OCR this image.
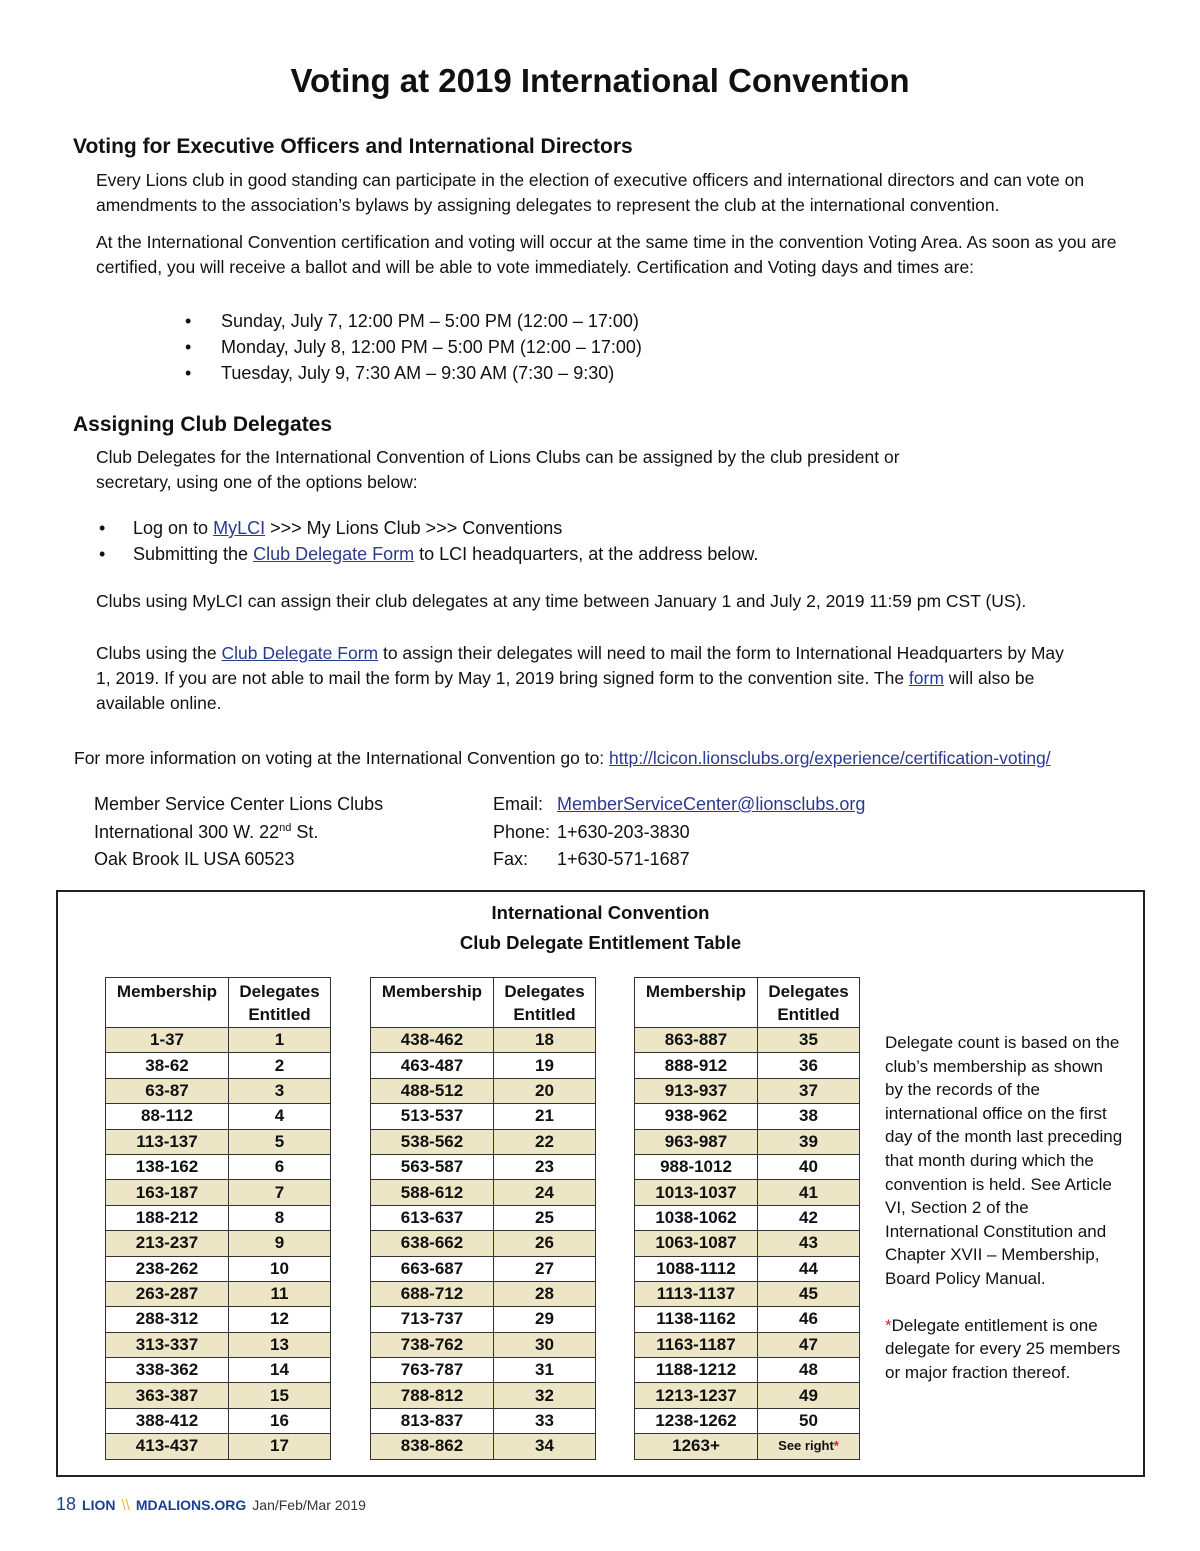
Voting at 2019 International Convention
Voting for Executive Officers and International Directors

Every Lions club in good standing can participate in the election of executive officers and international directors and can vote on amendments to the association’s bylaws by assigning delegates to represent the club at the international convention.

At the International Convention certification and voting will occur at the same time in the convention Voting Area. As soon as you are certified, you will receive a ballot and will be able to vote immediately. Certification and Voting days and times are:

• Sunday, July 7, 12:00 PM – 5:00 PM (12:00 – 17:00)
• Monday, July 8, 12:00 PM – 5:00 PM (12:00 – 17:00)
• Tuesday, July 9, 7:30 AM – 9:30 AM (7:30 – 9:30)
Assigning Club Delegates

Club Delegates for the International Convention of Lions Clubs can be assigned by the club president or secretary, using one of the options below:

• Log on to MyLCI >>> My Lions Club >>> Conventions
• Submitting the Club Delegate Form to LCI headquarters, at the address below.

Clubs using MyLCI can assign their club delegates at any time between January 1 and July 2, 2019 11:59 pm CST (US).

Clubs using the Club Delegate Form to assign their delegates will need to mail the form to International Headquarters by May 1, 2019. If you are not able to mail the form by May 1, 2019 bring signed form to the convention site. The form will also be available online.

For more information on voting at the International Convention go to: http://lcicon.lionsclubs.org/experience/certification-voting/

Member Service Center Lions Clubs
International 300 W. 22nd St.
Oak Brook IL USA 60523
Email: MemberServiceCenter@lionsclubs.org
Phone: 1+630-203-3830
Fax:	1+630-571-1687
International Convention
Club Delegate Entitlement Table
Membership	Delegates
Entitled
1-37	1
38-62	2
63-87	3
88-112	4
113-137	5
138-162	6
163-187	7
188-212	8
213-237	9
238-262	10
263-287	11
288-312	12
313-337	13
338-362	14
363-387	15
388-412	16
413-437	17
Membership	Delegates
Entitled
438-462	18
463-487	19
488-512	20
513-537	21
538-562	22
563-587	23
588-612	24
613-637	25
638-662	26
663-687	27
688-712	28
713-737	29
738-762	30
763-787	31
788-812	32
813-837	33
838-862	34
Membership	Delegates
Entitled
863-887	35
888-912	36
913-937	37
938-962	38
963-987	39
988-1012	40
1013-1037	41
1038-1062	42
1063-1087	43
1088-1112	44
1113-1137	45
1138-1162	46
1163-1187	47
1188-1212	48
1213-1237	49
1238-1262	50
1263+	See right*

Delegate count is based on the club’s membership as shown by the records of the international office on the first day of the month last preceding that month during which the convention is held. See Article VI, Section 2 of the International Constitution and Chapter XVII – Membership, Board Policy Manual.

*Delegate entitlement is one delegate for every 25 members or major fraction thereof.

18 LION \\ MDALIONS.ORG Jan/Feb/Mar 2019
